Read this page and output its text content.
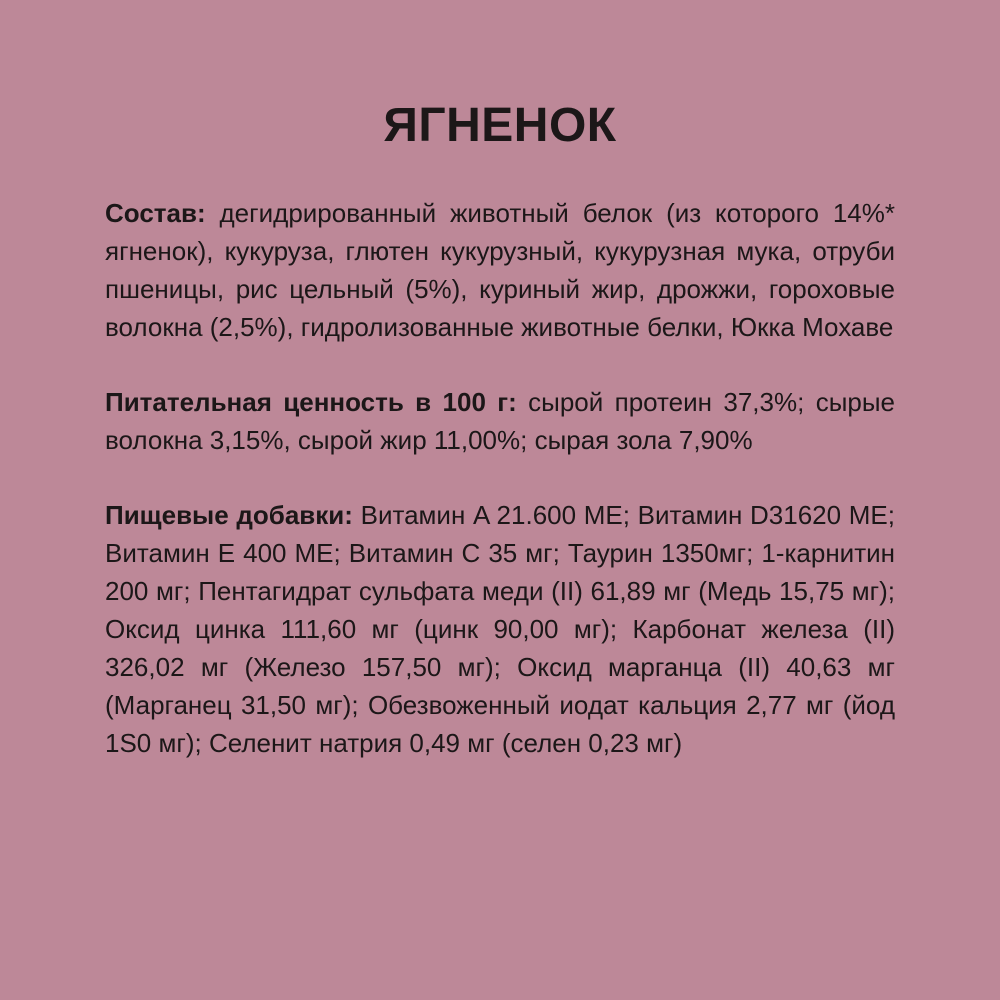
ЯГНЕНОК

Состав: дегидрированный животный белок (из которого 14%* ягненок), кукуруза, глютен кукурузный, кукурузная мука, отруби пшеницы, рис цельный (5%), куриный жир, дрожжи, гороховые волокна (2,5%), гидролизованные животные белки, Юкка Мохаве

Питательная ценность в 100 г: сырой протеин 37,3%; сырые волокна 3,15%, сырой жир 11,00%; сырая зола 7,90%

Пищевые добавки: Витамин A 21.600 МЕ; Витамин D31620 МЕ; Витамин Е 400 МЕ; Витамин С 35 мг; Таурин 1350мг; 1-карнитин 200 мг; Пентагидрат сульфата меди (II) 61,89 мг (Медь 15,75 мг); Оксид цинка 111,60 мг (цинк 90,00 мг); Карбонат железа (II) 326,02 мг (Железо 157,50 мг); Оксид марганца (II) 40,63 мг (Марганец 31,50 мг); Обезвоженный иодат кальция 2,77 мг (йод 1S0 мг); Селенит натрия 0,49 мг (селен 0,23 мг)
